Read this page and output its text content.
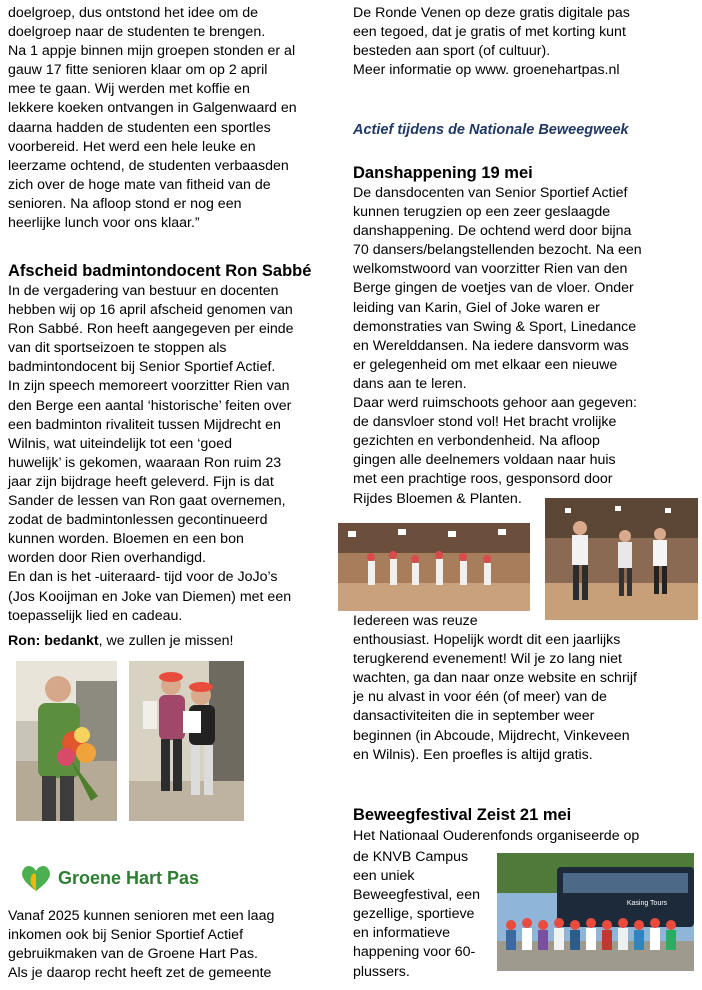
doelgroep, dus ontstond het idee om de
doelgroep naar de studenten te brengen.
Na 1 appje binnen mijn groepen stonden er al
gauw 17 fitte senioren klaar om op 2 april
mee te gaan. Wij werden met koffie en
lekkere koeken ontvangen in Galgenwaard en
daarna hadden de studenten een sportles
voorbereid. Het werd een hele leuke en
leerzame ochtend, de studenten verbaasden
zich over de hoge mate van fitheid van de
senioren. Na afloop stond er nog een
heerlijke lunch voor ons klaar.”

Afscheid badmintondocent Ron Sabbé

In de vergadering van bestuur en docenten
hebben wij op 16 april afscheid genomen van
Ron Sabbé. Ron heeft aangegeven per einde
van dit sportseizoen te stoppen als
badmintondocent bij Senior Sportief Actief.
In zijn speech memoreert voorzitter Rien van
den Berge een aantal ‘historische’ feiten over
een badminton rivaliteit tussen Mijdrecht en
Wilnis, wat uiteindelijk tot een ‘goed
huwelijk’ is gekomen, waaraan Ron ruim 23
jaar zijn bijdrage heeft geleverd. Fijn is dat
Sander de lessen van Ron gaat overnemen,
zodat de badmintonlessen gecontinueerd
kunnen worden. Bloemen en een bon
worden door Rien overhandigd.
En dan is het -uiteraard- tijd voor de JoJo’s
(Jos Kooijman en Joke van Diemen) met een
toepasselijk lied en cadeau.

Ron: bedankt, we zullen je missen!

Groene Hart Pas

Vanaf 2025 kunnen senioren met een laag
inkomen ook bij Senior Sportief Actief
gebruikmaken van de Groene Hart Pas.
Als je daarop recht heeft zet de gemeente

De Ronde Venen op deze gratis digitale pas
een tegoed, dat je gratis of met korting kunt
besteden aan sport (of cultuur).
Meer informatie op www. groenehartpas.nl

Actief tijdens de Nationale Beweegweek

Danshappening 19 mei

De dansdocenten van Senior Sportief Actief
kunnen terugzien op een zeer geslaagde
danshappening. De ochtend werd door bijna
70 dansers/belangstellenden bezocht. Na een
welkomstwoord van voorzitter Rien van den
Berge gingen de voetjes van de vloer. Onder
leiding van Karin, Giel of Joke waren er
demonstraties van Swing & Sport, Linedance
en Werelddansen. Na iedere dansvorm was
er gelegenheid om met elkaar een nieuwe
dans aan te leren.
Daar werd ruimschoots gehoor aan gegeven:
de dansvloer stond vol! Het bracht vrolijke
gezichten en verbondenheid. Na afloop
gingen alle deelnemers voldaan naar huis
met een prachtige roos, gesponsord door
Rijdes Bloemen & Planten.

Iedereen was reuze
enthousiast. Hopelijk wordt dit een jaarlijks
terugkerend evenement! Wil je zo lang niet
wachten, ga dan naar onze website en schrijf
je nu alvast in voor één (of meer) van de
dansactiviteiten die in september weer
beginnen (in Abcoude, Mijdrecht, Vinkeveen
en Wilnis). Een proefles is altijd gratis.

Beweegfestival Zeist 21 mei

Het Nationaal Ouderenfonds organiseerde op

de KNVB Campus
een uniek
Beweegfestival, een
gezellige, sportieve
en informatieve
happening voor 60-
plussers.

Kasing Tours
